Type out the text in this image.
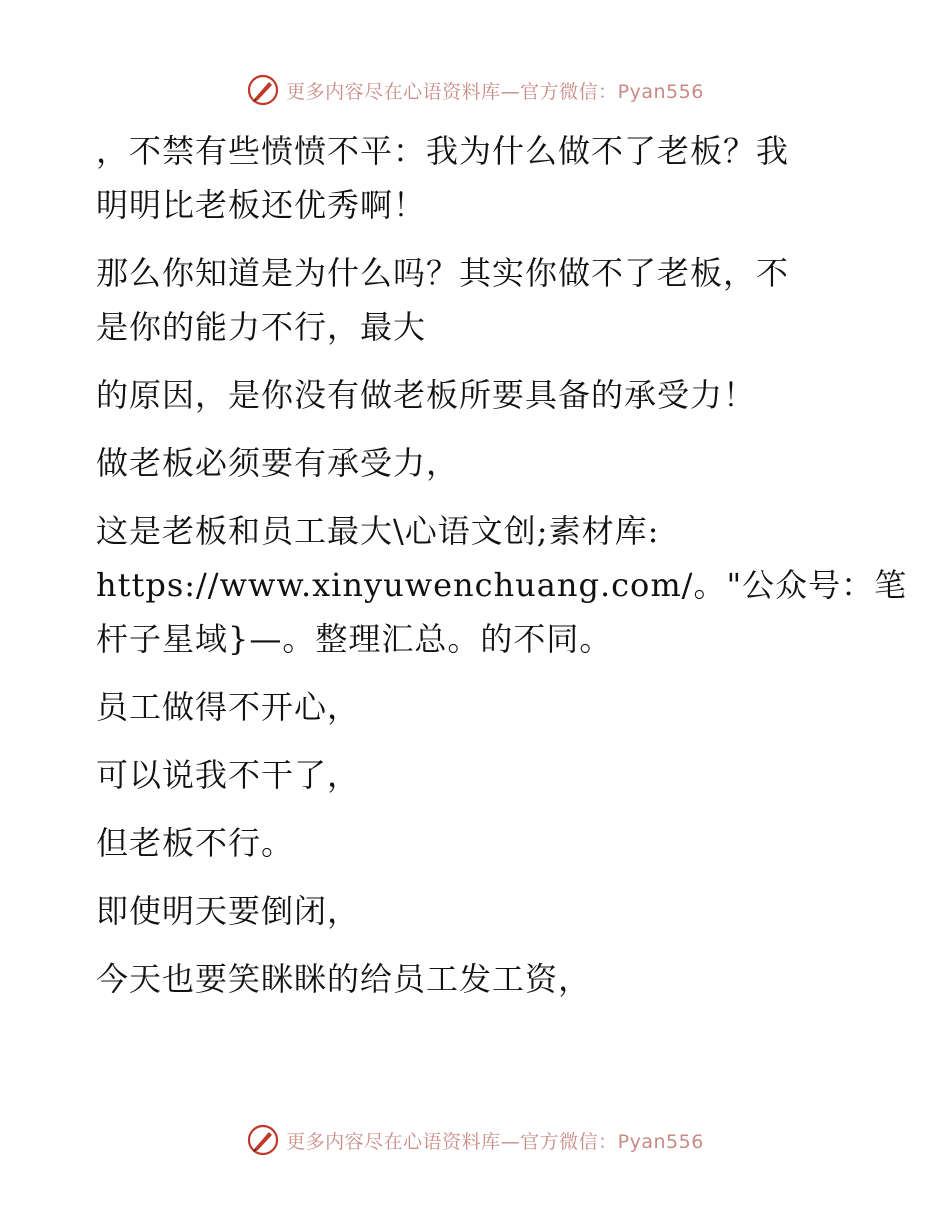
更多内容尽在心语资料库—官方微信：Pyan556
，不禁有些愤愤不平：我为什么做不了老板？我
明明比老板还优秀啊！
那么你知道是为什么吗？其实你做不了老板，不
是你的能力不行，最大
的原因，是你没有做老板所要具备的承受力！
做老板必须要有承受力，
这是老板和员工最大\心语文创;素材库:
https://www.xinyuwenchuang.com/。"公众号：笔
杆子星域}—。整理汇总。的不同。
员工做得不开心，
可以说我不干了，
但老板不行。
即使明天要倒闭，
今天也要笑眯眯的给员工发工资，
更多内容尽在心语资料库—官方微信：Pyan556
